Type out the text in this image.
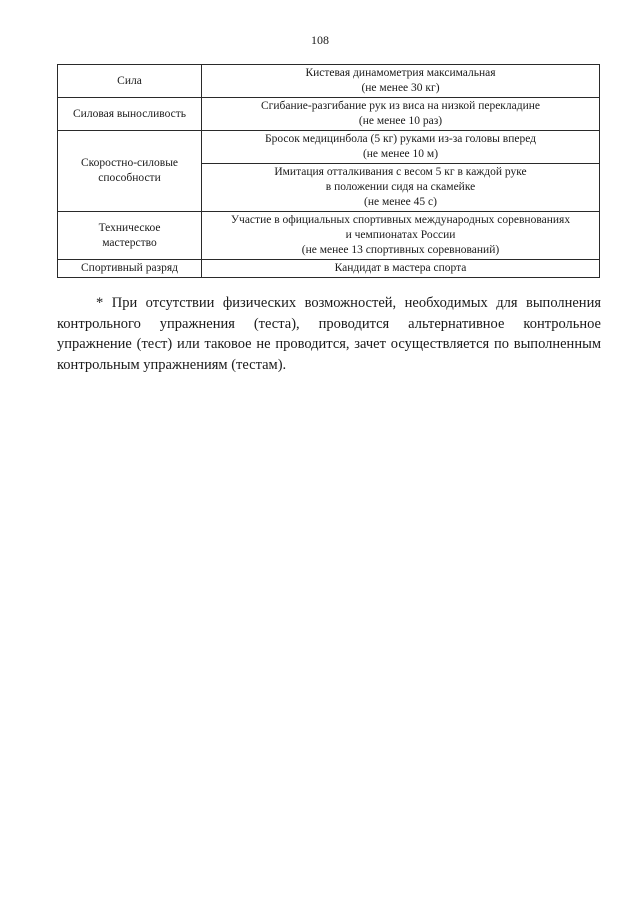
108
Сила	Кистевая динамометрия максимальная
(не менее 30 кг)

Силовая выносливость	Сгибание-разгибание рук из виса на низкой перекладине
(не менее 10 раз)

Скоростно-силовые
способности	Бросок медицинбола (5 кг) руками из-за головы вперед
(не менее 10 м)

	Имитация отталкивания с весом 5 кг в каждой руке
в положении сидя на скамейке
(не менее 45 с)

Техническое
мастерство	Участие в официальных спортивных международных соревнованиях
и чемпионатах России
(не менее 13 спортивных соревнований)

Спортивный разряд	Кандидат в мастера спорта

* При отсутствии физических возможностей, необходимых для выполнения контрольного упражнения (теста), проводится альтернативное контрольное упражнение (тест) или таковое не проводится, зачет осуществляется по выполненным контрольным упражнениям (тестам).
